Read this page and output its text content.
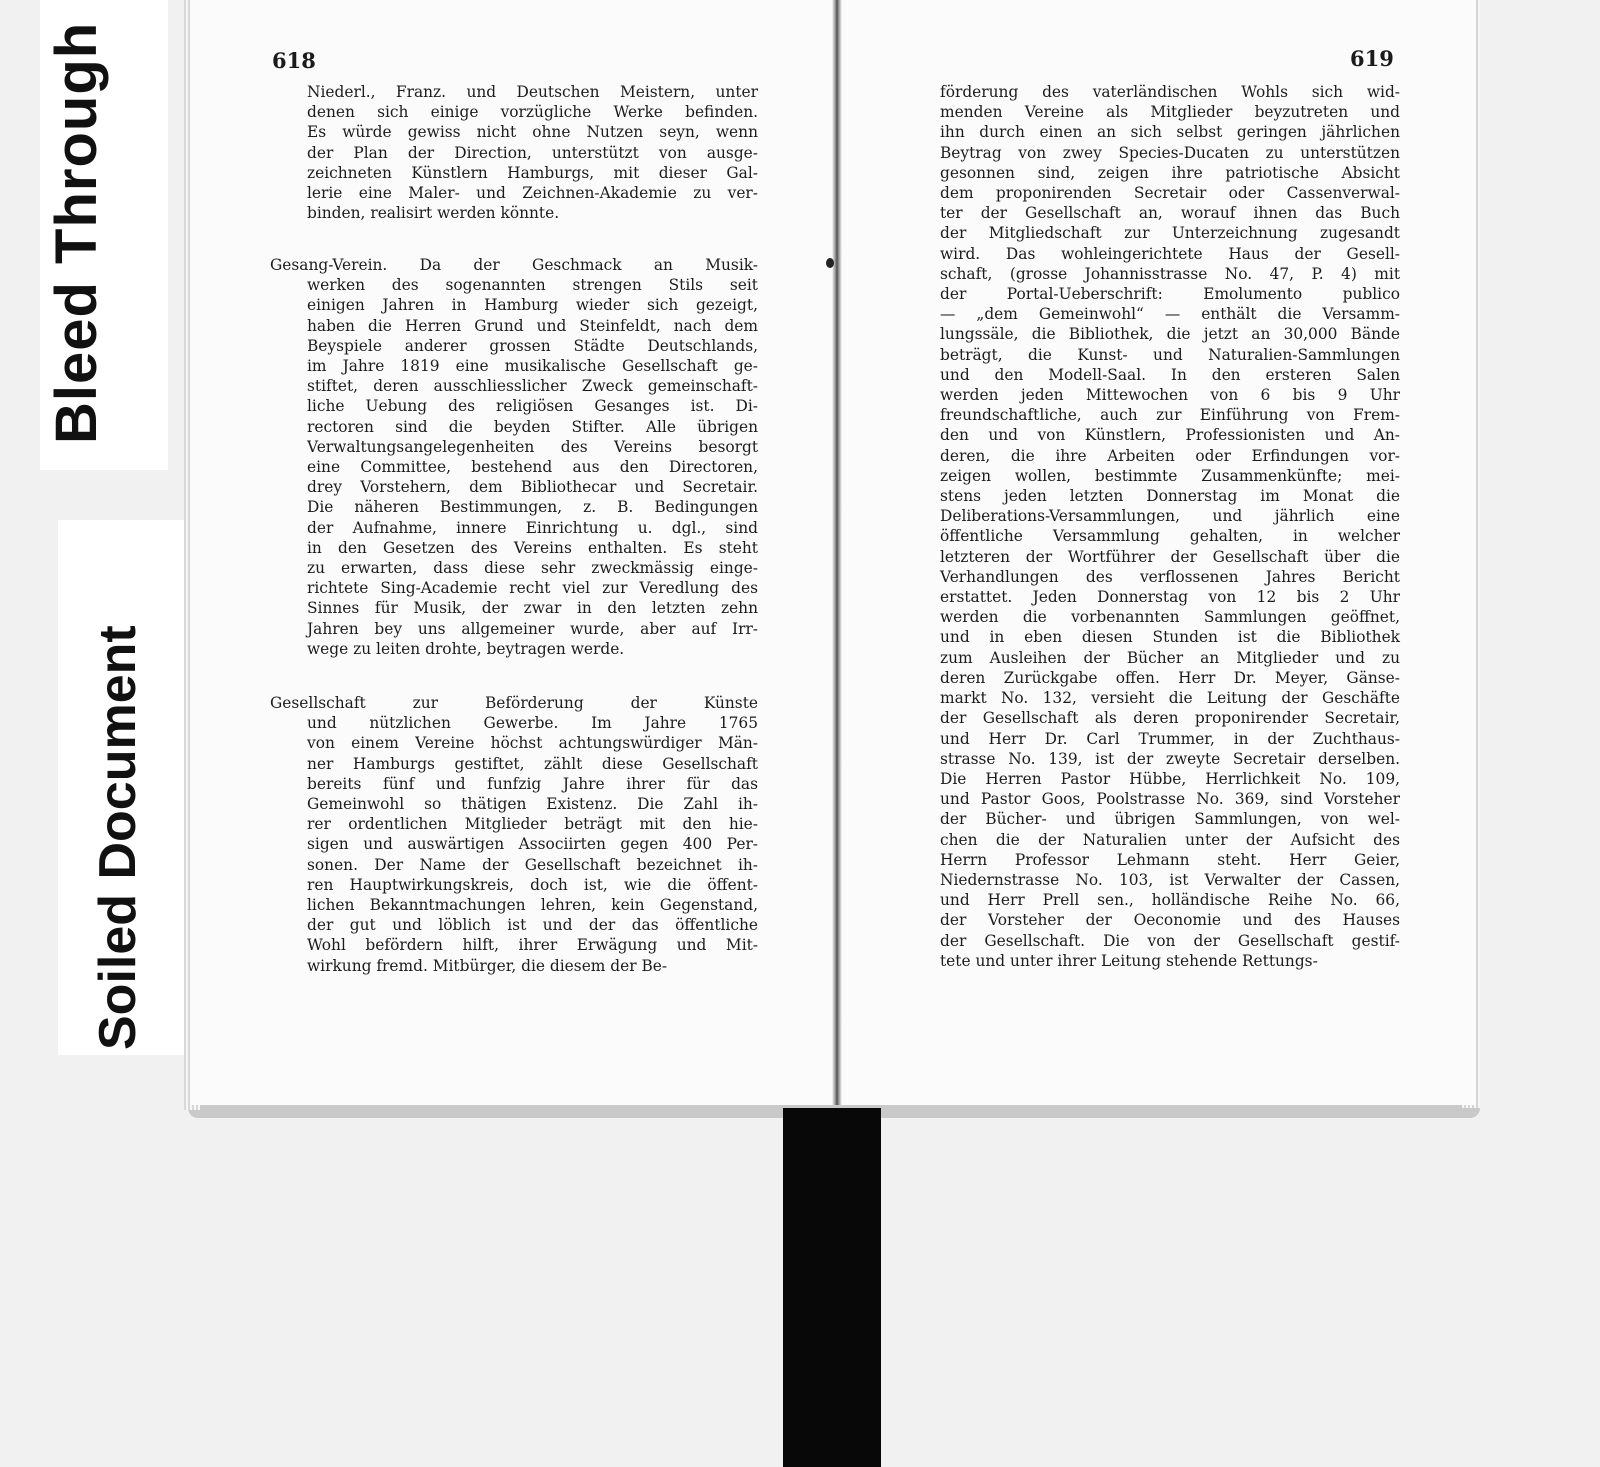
Bleed Through
Soiled Document
618	619
Niederl., Franz. und Deutschen Meistern, unter
denen sich einige vorzügliche Werke befinden.
Es würde gewiss nicht ohne Nutzen seyn, wenn
der Plan der Direction, unterstützt von ausge-
zeichneten Künstlern Hamburgs, mit dieser Gal-
lerie eine Maler- und Zeichnen-Akademie zu ver-
binden, realisirt werden könnte.
Gesang-Verein. Da der Geschmack an Musik-
werken des sogenannten strengen Stils seit
einigen Jahren in Hamburg wieder sich gezeigt,
haben die Herren Grund und Steinfeldt, nach dem
Beyspiele anderer grossen Städte Deutschlands,
im Jahre 1819 eine musikalische Gesellschaft ge-
stiftet, deren ausschliesslicher Zweck gemeinschaft-
liche Uebung des religiösen Gesanges ist. Di-
rectoren sind die beyden Stifter. Alle übrigen
Verwaltungsangelegenheiten des Vereins besorgt
eine Committee, bestehend aus den Directoren,
drey Vorstehern, dem Bibliothecar und Secretair.
Die näheren Bestimmungen, z. B. Bedingungen
der Aufnahme, innere Einrichtung u. dgl., sind
in den Gesetzen des Vereins enthalten. Es steht
zu erwarten, dass diese sehr zweckmässig einge-
richtete Sing-Academie recht viel zur Veredlung des
Sinnes für Musik, der zwar in den letzten zehn
Jahren bey uns allgemeiner wurde, aber auf Irr-
wege zu leiten drohte, beytragen werde.
Gesellschaft zur Beförderung der Künste
und nützlichen Gewerbe. Im Jahre 1765
von einem Vereine höchst achtungswürdiger Män-
ner Hamburgs gestiftet, zählt diese Gesellschaft
bereits fünf und funfzig Jahre ihrer für das
Gemeinwohl so thätigen Existenz. Die Zahl ih-
rer ordentlichen Mitglieder beträgt mit den hie-
sigen und auswärtigen Associirten gegen 400 Per-
sonen. Der Name der Gesellschaft bezeichnet ih-
ren Hauptwirkungskreis, doch ist, wie die öffent-
lichen Bekanntmachungen lehren, kein Gegenstand,
der gut und löblich ist und der das öffentliche
Wohl befördern hilft, ihrer Erwägung und Mit-
wirkung fremd. Mitbürger, die diesem der Be-
förderung des vaterländischen Wohls sich wid-
menden Vereine als Mitglieder beyzutreten und
ihn durch einen an sich selbst geringen jährlichen
Beytrag von zwey Species-Ducaten zu unterstützen
gesonnen sind, zeigen ihre patriotische Absicht
dem proponirenden Secretair oder Cassenverwal-
ter der Gesellschaft an, worauf ihnen das Buch
der Mitgliedschaft zur Unterzeichnung zugesandt
wird. Das wohleingerichtete Haus der Gesell-
schaft, (grosse Johannisstrasse No. 47, P. 4) mit
der Portal-Ueberschrift: Emolumento publico
— „dem Gemeinwohl“ — enthält die Versamm-
lungssäle, die Bibliothek, die jetzt an 30,000 Bände
beträgt, die Kunst- und Naturalien-Sammlungen
und den Modell-Saal. In den ersteren Salen
werden jeden Mittewochen von 6 bis 9 Uhr
freundschaftliche, auch zur Einführung von Frem-
den und von Künstlern, Professionisten und An-
deren, die ihre Arbeiten oder Erfindungen vor-
zeigen wollen, bestimmte Zusammenkünfte; mei-
stens jeden letzten Donnerstag im Monat die
Deliberations-Versammlungen, und jährlich eine
öffentliche Versammlung gehalten, in welcher
letzteren der Wortführer der Gesellschaft über die
Verhandlungen des verflossenen Jahres Bericht
erstattet. Jeden Donnerstag von 12 bis 2 Uhr
werden die vorbenannten Sammlungen geöffnet,
und in eben diesen Stunden ist die Bibliothek
zum Ausleihen der Bücher an Mitglieder und zu
deren Zurückgabe offen. Herr Dr. Meyer, Gänse-
markt No. 132, versieht die Leitung der Geschäfte
der Gesellschaft als deren proponirender Secretair,
und Herr Dr. Carl Trummer, in der Zuchthaus-
strasse No. 139, ist der zweyte Secretair derselben.
Die Herren Pastor Hübbe, Herrlichkeit No. 109,
und Pastor Goos, Poolstrasse No. 369, sind Vorsteher
der Bücher- und übrigen Sammlungen, von wel-
chen die der Naturalien unter der Aufsicht des
Herrn Professor Lehmann steht. Herr Geier,
Niedernstrasse No. 103, ist Verwalter der Cassen,
und Herr Prell sen., holländische Reihe No. 66,
der Vorsteher der Oeconomie und des Hauses
der Gesellschaft. Die von der Gesellschaft gestif-
tete und unter ihrer Leitung stehende Rettungs-
